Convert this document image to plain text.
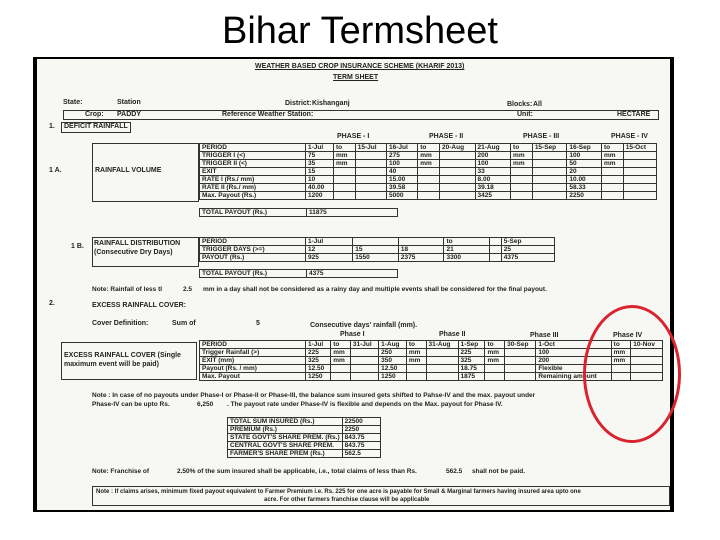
Bihar Termsheet
WEATHER BASED CROP INSURANCE SCHEME (KHARIF 2013)
TERM SHEET
State:	Station	District: Kishanganj	Blocks: All
Crop: PADDY	Reference Weather Station:	Unit:	HECTARE
1. DEFICIT RAINFALL
1 A.	RAINFALL VOLUME
PHASE - I	PHASE - II	PHASE - III	PHASE - IV
PERIOD	1-Jul	to	15-Jul	16-Jul	to	20-Aug	21-Aug	to	15-Sep	16-Sep	to	15-Oct
TRIGGER I (<)	75	mm		275	mm		200	mm		100	mm	
TRIGGER II (<)	35	mm		100	mm		100	mm		50	mm	
EXIT	15			40			33			20		
RATE I (Rs./ mm)	10			15.00			8.00			10.00		
RATE II (Rs./ mm)	40.00			39.58			39.18			58.33		
Max. Payout (Rs.)	1200			5000			3425			2250		
TOTAL PAYOUT (Rs.)	11875
1 B. RAINFALL DISTRIBUTION
(Consecutive Dry Days)
PERIOD	1-Jul			to		5-Sep
TRIGGER DAYS (>=)	12	15	18	21		25
PAYOUT (Rs.)	925	1550	2375	3300		4375
TOTAL PAYOUT (Rs.)	4375
Note: Rainfall of less tl	2.5 mm in a day shall not be considered as a rainy day and multiple events shall be considered for the final payout.
2.	EXCESS RAINFALL COVER:
Cover Definition:	Sum of	5	Consecutive days' rainfall (mm).
Phase I	Phase II	Phase III	Phase IV
EXCESS RAINFALL COVER (Single
maximum event will be paid)
PERIOD	1-Jul	to	31-Jul	1-Aug	to	31-Aug	1-Sep	to	30-Sep	1-Oct	to	10-Nov
Trigger Rainfall (>)	225	mm		250	mm		225	mm		100	mm	
EXIT (mm)	325	mm		350	mm		325	mm		200	mm	
Payout (Rs. / mm)	12.50			12.50			18.75			Flexible		
Max. Payout	1250			1250			1875			Remaining amount		
Note : In case of no payouts under Phase-I or Phase-II or Phase-III, the balance sum insured gets shifted to Pahse-IV and the max. payout under
Phase-IV can be upto Rs.	6,250 . The payout rate under Phase-IV is flexible and depends on the Max. payout for Phase IV.
TOTAL SUM INSURED (Rs.)	22500
PREMIUM (Rs.)	2250
STATE GOVT'S SHARE PREM. (Rs.)	843.75
CENTRAL GOVT'S SHARE PREM.	843.75
FARMER'S SHARE PREM (Rs.)	562.5
Note: Franchise of	2.50% of the sum insured shall be applicable, i.e., total claims of less than Rs.	562.5 shall not be paid.
Note : If claims arises, minimum fixed payout equivalent to Farmer Premium i.e. Rs. 225 for one acre is payable for Small & Marginal farmers having insured area upto one
acre. For other farmers franchise clause will be applicable
